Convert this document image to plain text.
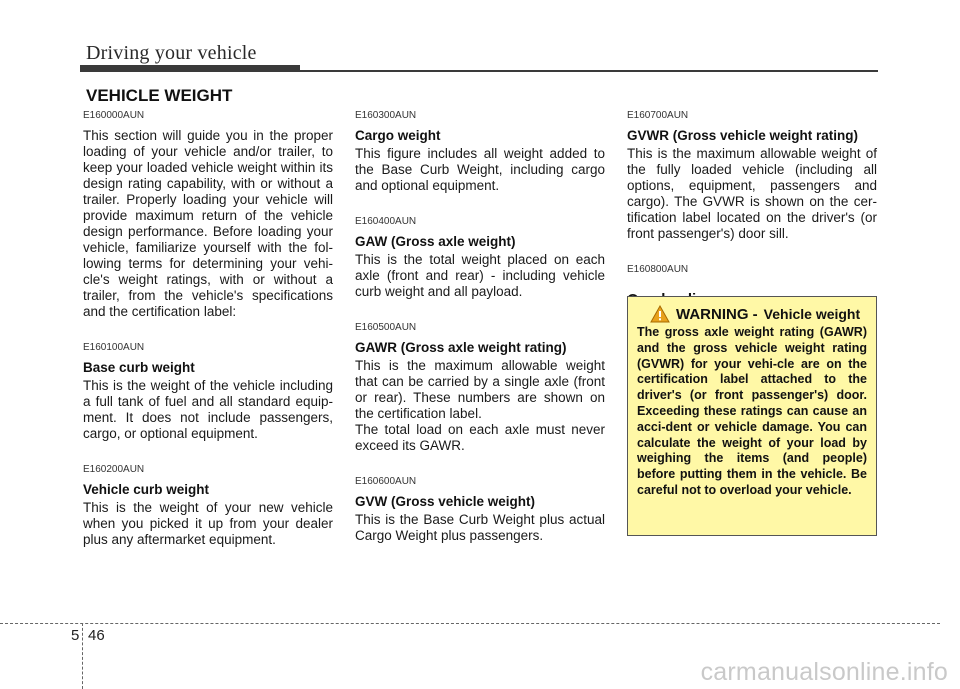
Driving your vehicle
VEHICLE WEIGHT

E160000AUN

This section will guide you in the proper loading of your vehicle and/or trailer, to keep your loaded vehicle weight within its design rating capability, with or without a trailer. Properly loading your vehicle will provide maximum return of the vehicle design performance. Before loading your vehicle, familiarize yourself with the fol-lowing terms for determining your vehi-cle's weight ratings, with or without a trailer, from the vehicle's specifications and the certification label:

E160100AUN

Base curb weight

This is the weight of the vehicle including a full tank of fuel and all standard equip-ment. It does not include passengers, cargo, or optional equipment.

E160200AUN

Vehicle curb weight

This is the weight of your new vehicle when you picked it up from your dealer plus any aftermarket equipment.

E160300AUN

Cargo weight

This figure includes all weight added to the Base Curb Weight, including cargo and optional equipment.

E160400AUN

GAW (Gross axle weight)

This is the total weight placed on each axle (front and rear) - including vehicle curb weight and all payload.

E160500AUN

GAWR (Gross axle weight rating)

This is the maximum allowable weight that can be carried by a single axle (front or rear). These numbers are shown on the certification label.

The total load on each axle must never exceed its GAWR.

E160600AUN

GVW (Gross vehicle weight)

This is the Base Curb Weight plus actual Cargo Weight plus passengers.

E160700AUN

GVWR (Gross vehicle weight rating)

This is the maximum allowable weight of the fully loaded vehicle (including all options, equipment, passengers and cargo). The GVWR is shown on the cer-tification label located on the driver's (or front passenger's) door sill.

E160800AUN

WARNING - Vehicle weight

The gross axle weight rating (GAWR) and the gross vehicle weight rating (GVWR) for your vehi-cle are on the certification label attached to the driver's (or front passenger's) door. Exceeding these ratings can cause an acci-dent or vehicle damage. You can calculate the weight of your load by weighing the items (and people) before putting them in the vehicle. Be careful not to overload your vehicle.

5 46
carmanualsonline.info
